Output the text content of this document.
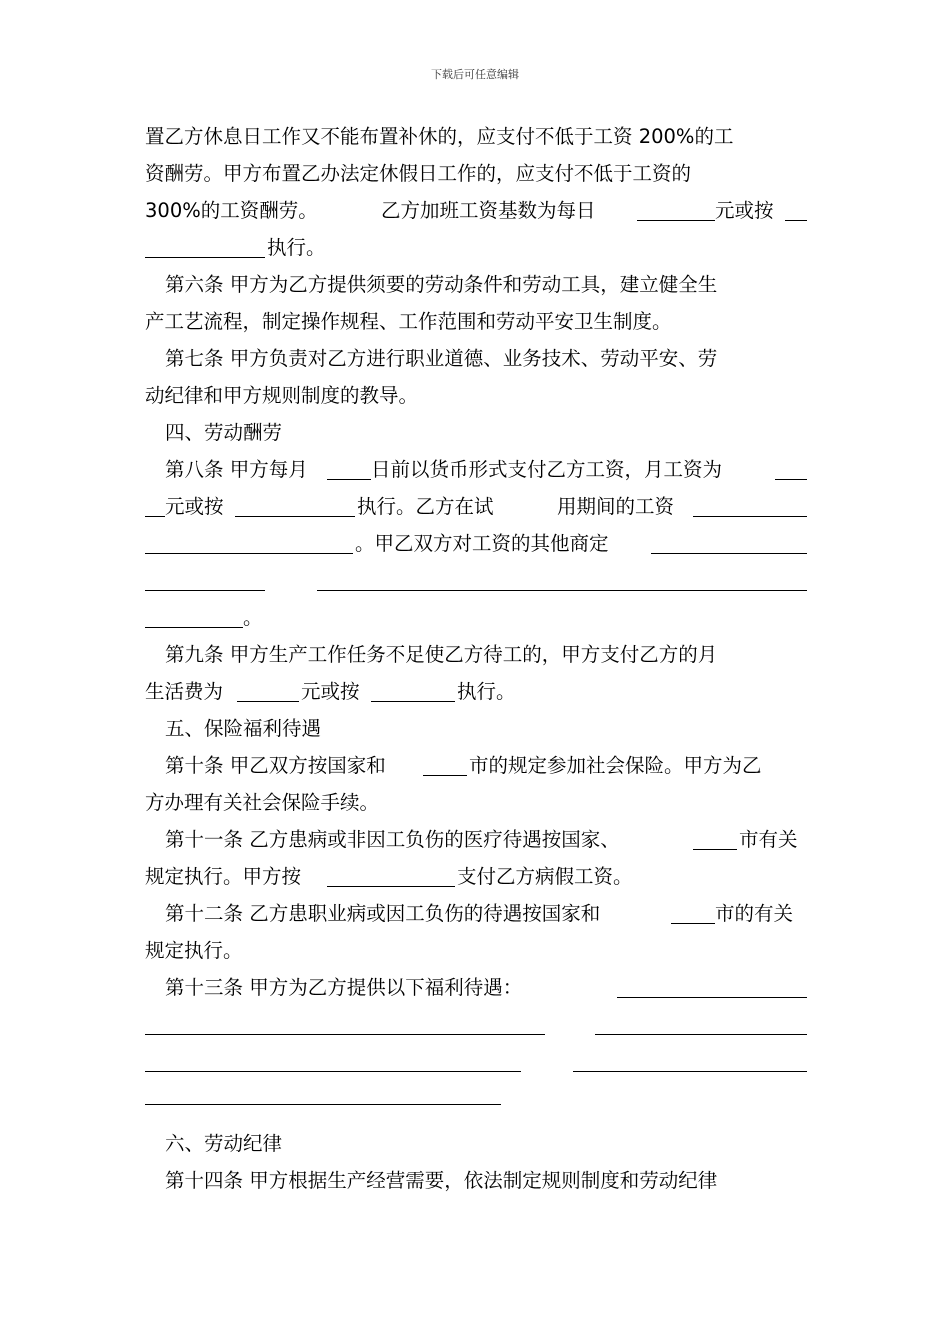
下载后可任意编辑
置乙方休息日工作又不能布置补休的，应支付不低于工资 200%的工
资酬劳。甲方布置乙办法定休假日工作的，应支付不低于工资的
300%的工资酬劳。	乙方加班工资基数为每日	元或按
执行。
第六条 甲方为乙方提供须要的劳动条件和劳动工具，建立健全生
产工艺流程，制定操作规程、工作范围和劳动平安卫生制度。
第七条 甲方负责对乙方进行职业道德、业务技术、劳动平安、劳
动纪律和甲方规则制度的教导。
四、劳动酬劳
第八条 甲方每月	日前以货币形式支付乙方工资，月工资为
元或按	执行。乙方在试	用期间的工资
。甲乙双方对工资的其他商定
。
第九条 甲方生产工作任务不足使乙方待工的，甲方支付乙方的月
生活费为	元或按	执行。
五、保险福利待遇
第十条 甲乙双方按国家和	市的规定参加社会保险。甲方为乙
方办理有关社会保险手续。
第十一条 乙方患病或非因工负伤的医疗待遇按国家、	市有关
规定执行。甲方按	支付乙方病假工资。
第十二条 乙方患职业病或因工负伤的待遇按国家和	市的有关
规定执行。
第十三条 甲方为乙方提供以下福利待遇：
六、劳动纪律
第十四条 甲方根据生产经营需要，依法制定规则制度和劳动纪律
